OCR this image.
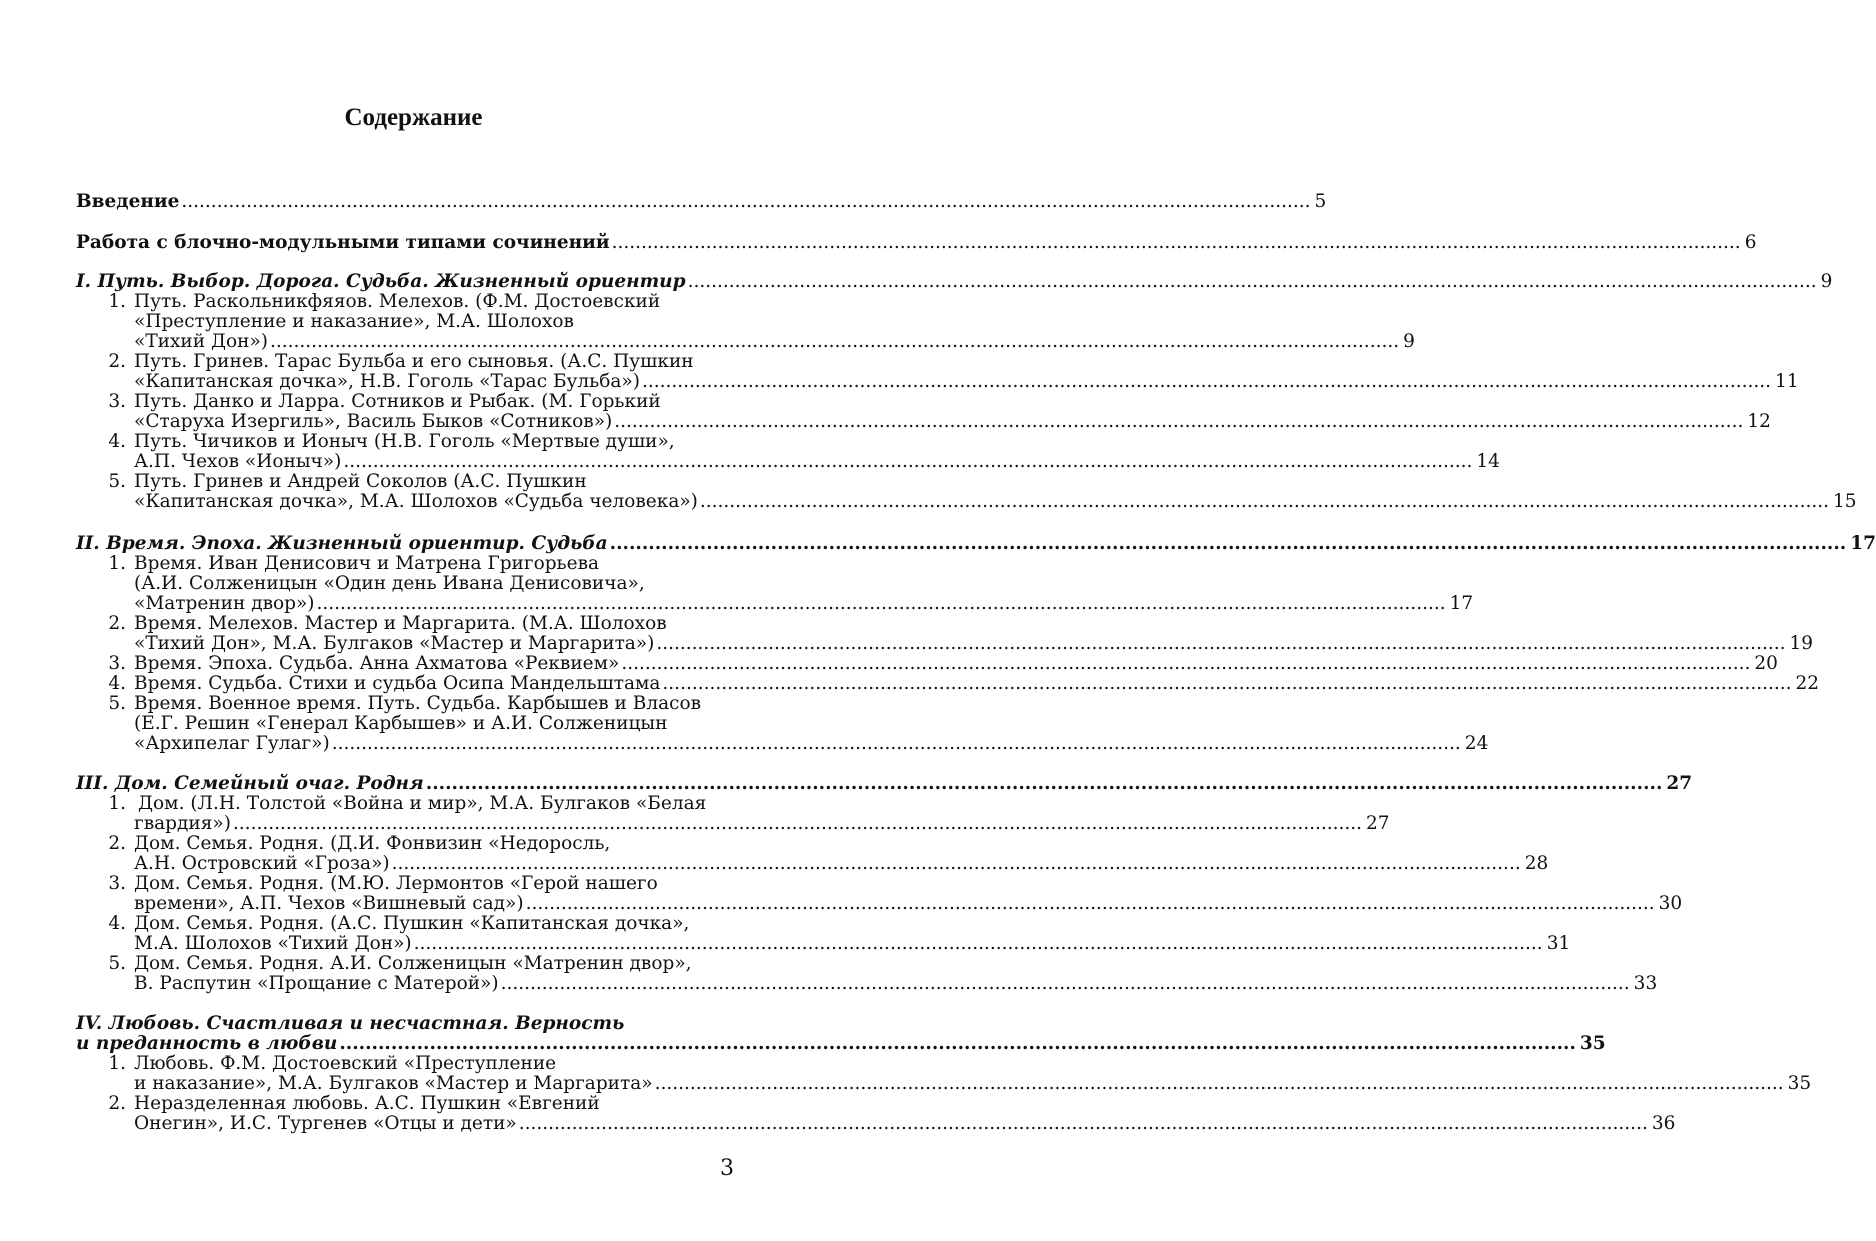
Содержание
Введение .....	5
Работа с блочно-модульными типами сочинений .....	6
I. Путь. Выбор. Дорога. Судьба. Жизненный ориентир .....	9
1. Путь. Раскольникфяяов. Мелехов. (Ф.М. Достоевский
«Преступление и наказание», М.А. Шолохов
«Тихий Дон») .....	9
2. Путь. Гринев. Тарас Бульба и его сыновья. (А.С. Пушкин
«Капитанская дочка», Н.В. Гоголь «Тарас Бульба») .....	11
3. Путь. Данко и Ларра. Сотников и Рыбак. (М. Горький
«Старуха Изергиль», Василь Быков «Сотников») .....	12
4. Путь. Чичиков и Ионыч (Н.В. Гоголь «Мертвые души»,
А.П. Чехов «Ионыч») .....	14
5. Путь. Гринев и Андрей Соколов (А.С. Пушкин
«Капитанская дочка», М.А. Шолохов «Судьба человека») .....	15
II. Время. Эпоха. Жизненный ориентир. Судьба .....	17
1. Время. Иван Денисович и Матрена Григорьева
(А.И. Солженицын «Один день Ивана Денисовича»,
«Матренин двор») .....	17
2. Время. Мелехов. Мастер и Маргарита. (М.А. Шолохов
«Тихий Дон», М.А. Булгаков «Мастер и Маргарита») .....	19
3. Время. Эпоха. Судьба. Анна Ахматова «Реквием» .....	20
4. Время. Судьба. Стихи и судьба Осипа Мандельштама .....	22
5. Время. Военное время. Путь. Судьба. Карбышев и Власов
(Е.Г. Решин «Генерал Карбышев» и А.И. Солженицын
«Архипелаг Гулаг») .....	24
III. Дом. Семейный очаг. Родня .....	27
1. Дом. (Л.Н. Толстой «Война и мир», М.А. Булгаков «Белая
гвардия») .....	27
2. Дом. Семья. Родня. (Д.И. Фонвизин «Недоросль,
А.Н. Островский «Гроза») .....	28
3. Дом. Семья. Родня. (М.Ю. Лермонтов «Герой нашего
времени», А.П. Чехов «Вишневый сад») .....	30
4. Дом. Семья. Родня. (А.С. Пушкин «Капитанская дочка»,
М.А. Шолохов «Тихий Дон») .....	31
5. Дом. Семья. Родня. А.И. Солженицын «Матренин двор»,
В. Распутин «Прощание с Матерой») .....	33
IV. Любовь. Счастливая и несчастная. Верность
и преданность в любви .....	35
1. Любовь. Ф.М. Достоевский «Преступление
и наказание», М.А. Булгаков «Мастер и Маргарита» .....	35
2. Неразделенная любовь. А.С. Пушкин «Евгений
Онегин», И.С. Тургенев «Отцы и дети» .....	36
3
